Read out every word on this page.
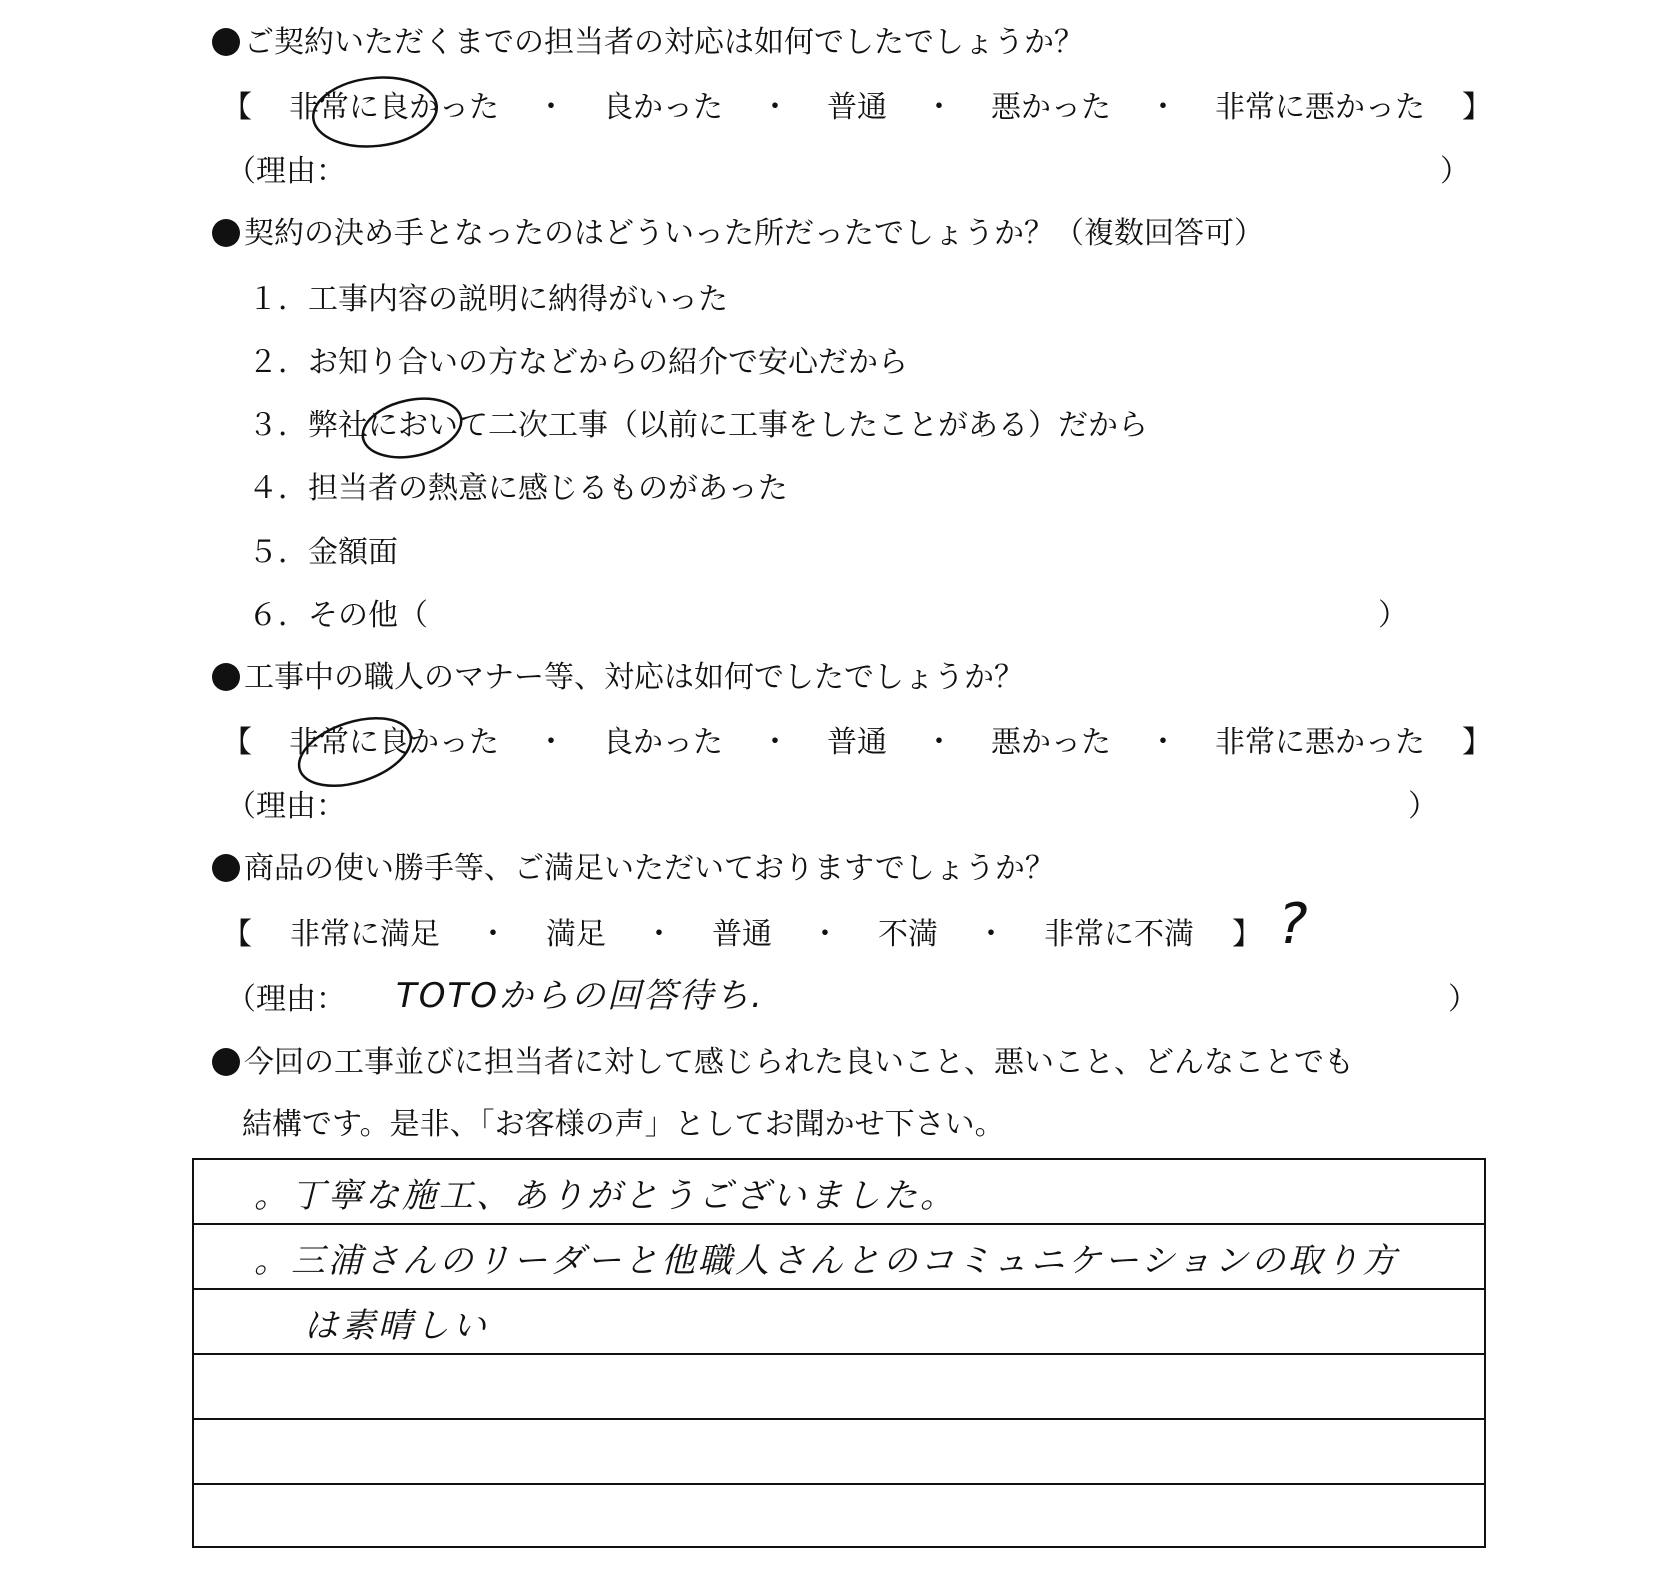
ご契約いただくまでの担当者の対応は如何でしたでしょうか？
【 非常に良かった ・ 良かった ・ 普通 ・ 悪かった ・ 非常に悪かった 】
（理由：	）
契約の決め手となったのはどういった所だったでしょうか？（複数回答可）
１．工事内容の説明に納得がいった
２．お知り合いの方などからの紹介で安心だから
３．弊社において二次工事（以前に工事をしたことがある）だから
４．担当者の熱意に感じるものがあった
５．金額面
６．その他（	）
工事中の職人のマナー等、対応は如何でしたでしょうか？
【 非常に良かった ・ 良かった ・ 普通 ・ 悪かった ・ 非常に悪かった 】
（理由：	）
商品の使い勝手等、ご満足いただいておりますでしょうか？
【 非常に満足 ・ 満足 ・ 普通 ・ 不満 ・ 非常に不満 】 ?
（理由： TOTOからの回答待ち.	）
今回の工事並びに担当者に対して感じられた良いこと、悪いこと、どんなことでも
結構です。是非、「お客様の声」としてお聞かせ下さい。
。丁寧な施工、ありがとうございました。
。三浦さんのリーダーと他職人さんとのコミュニケーションの取り方
は素晴しい
